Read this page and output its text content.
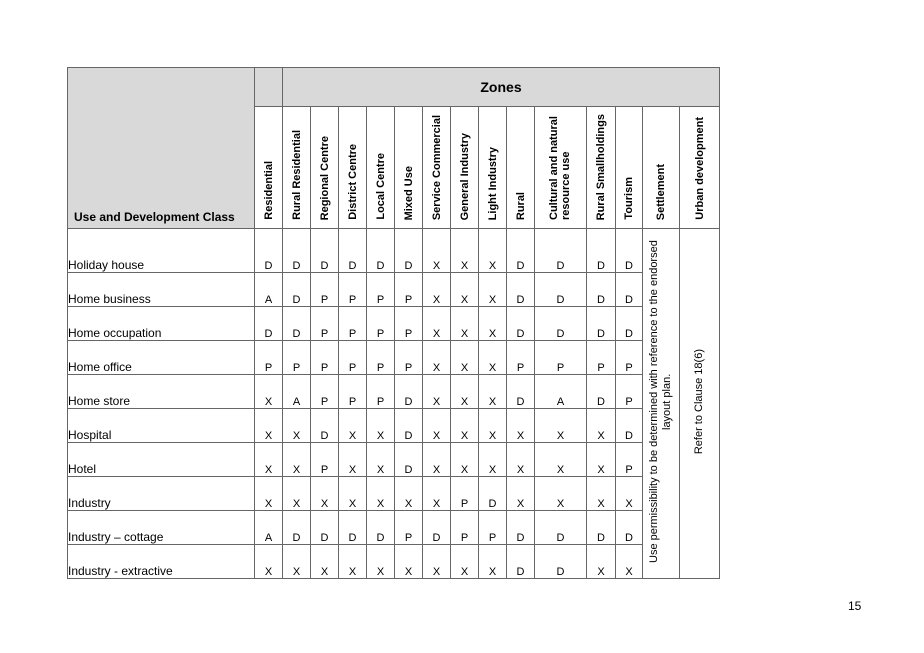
Use and Development Class		Zones													
	Residential	Rural Residential	Regional Centre	District Centre	Local Centre	Mixed Use	Service Commercial	General Industry	Light Industry	Rural	Cultural and natural resource use	Rural Smallholdings	Tourism	Settlement	Urban development
Holiday house	D	D	D	D	D	D	X	X	X	D	D	D	D	Use permissibility to be determined with reference to the endorsed layout plan.	Refer to Clause 18(6)
Home business	A	D	P	P	P	P	X	X	X	D	D	D	D		
Home occupation	D	D	P	P	P	P	X	X	X	D	D	D	D		
Home office	P	P	P	P	P	P	X	X	X	P	P	P	P		
Home store	X	A	P	P	P	D	X	X	X	D	A	D	P		
Hospital	X	X	D	X	X	D	X	X	X	X	X	X	D		
Hotel	X	X	P	X	X	D	X	X	X	X	X	X	P		
Industry	X	X	X	X	X	X	X	P	D	X	X	X	X		
Industry – cottage	A	D	D	D	D	P	D	P	P	D	D	D	D		
Industry - extractive	X	X	X	X	X	X	X	X	X	D	D	X	X		
15
